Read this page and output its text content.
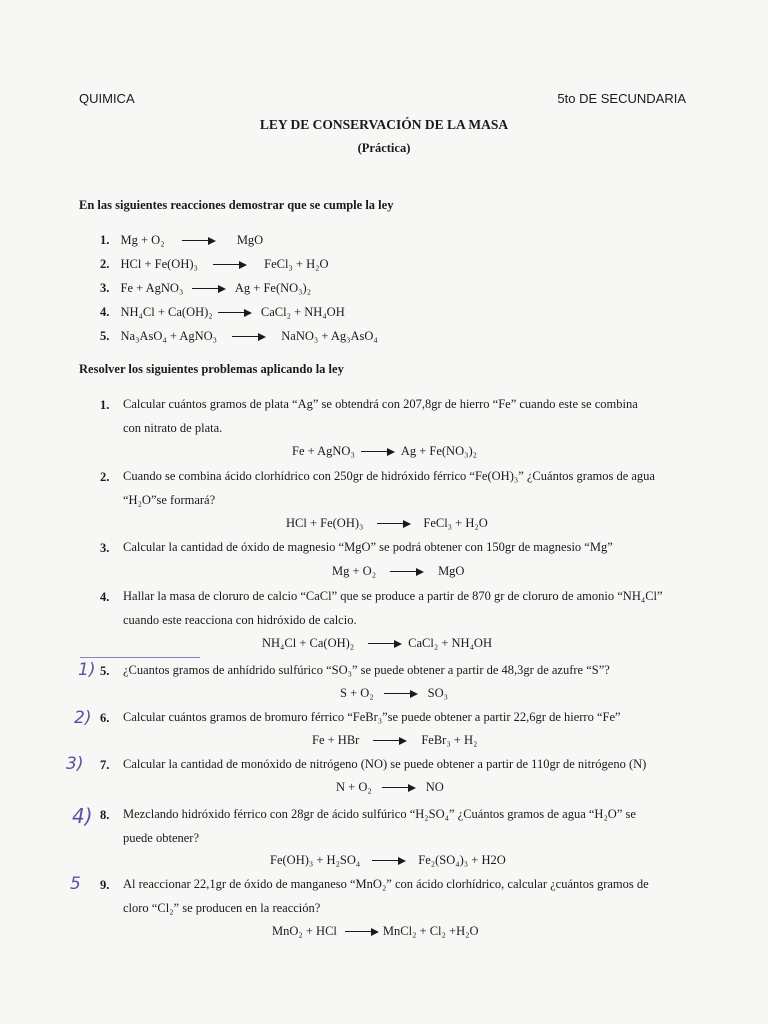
QUIMICA	5to DE SECUNDARIA
LEY DE CONSERVACIÓN DE LA MASA
(Práctica)
En las siguientes reacciones demostrar que se cumple la ley
1. Mg + O₂	MgO
2. HCl + Fe(OH)₃	FeCl₃ + H₂O
3. Fe + AgNO₃	Ag + Fe(NO₃)₂
4. NH₄Cl + Ca(OH)₂	CaCl₂ + NH₄OH
5. Na₃AsO₄ + AgNO₃	NaNO₃ + Ag₃AsO₄
Resolver los siguientes problemas aplicando la ley
1. Calcular cuántos gramos de plata “Ag” se obtendrá con 207,8gr de hierro “Fe” cuando este se combina
con nitrato de plata.
Fe + AgNO₃	Ag + Fe(NO₃)₂
2. Cuando se combina ácido clorhídrico con 250gr de hidróxido férrico “Fe(OH)₃” ¿Cuántos gramos de agua
“H₂O”se formará?
HCl + Fe(OH)₃	FeCl₃ + H₂O
3. Calcular la cantidad de óxido de magnesio “MgO” se podrá obtener con 150gr de magnesio “Mg”
Mg + O₂	MgO
4. Hallar la masa de cloruro de calcio “CaCl” que se produce a partir de 870 gr de cloruro de amonio “NH₄Cl”
cuando este reacciona con hidróxido de calcio.
NH₄Cl + Ca(OH)₂	CaCl₂ + NH₄OH
1) 5. ¿Cuantos gramos de anhídrido sulfúrico “SO₃” se puede obtener a partir de 48,3gr de azufre “S”?
S + O₂	SO₃
2) 6. Calcular cuántos gramos de bromuro férrico “FeBr₃”se puede obtener a partir 22,6gr de hierro “Fe”
Fe + HBr	FeBr₃ + H₂
3) 7. Calcular la cantidad de monóxido de nitrógeno (NO) se puede obtener a partir de 110gr de nitrógeno (N)
N + O₂	NO
4) 8. Mezclando hidróxido férrico con 28gr de ácido sulfúrico “H₂SO₄” ¿Cuántos gramos de agua “H₂O” se
puede obtener?
Fe(OH)₃ + H₂SO₄	Fe₂(SO₄)₃ + H2O
5 9. Al reaccionar 22,1gr de óxido de manganeso “MnO₂” con ácido clorhídrico, calcular ¿cuántos gramos de
cloro “Cl₂” se producen en la reacción?
MnO₂ + HCl	MnCl₂ + Cl₂ +H₂O
